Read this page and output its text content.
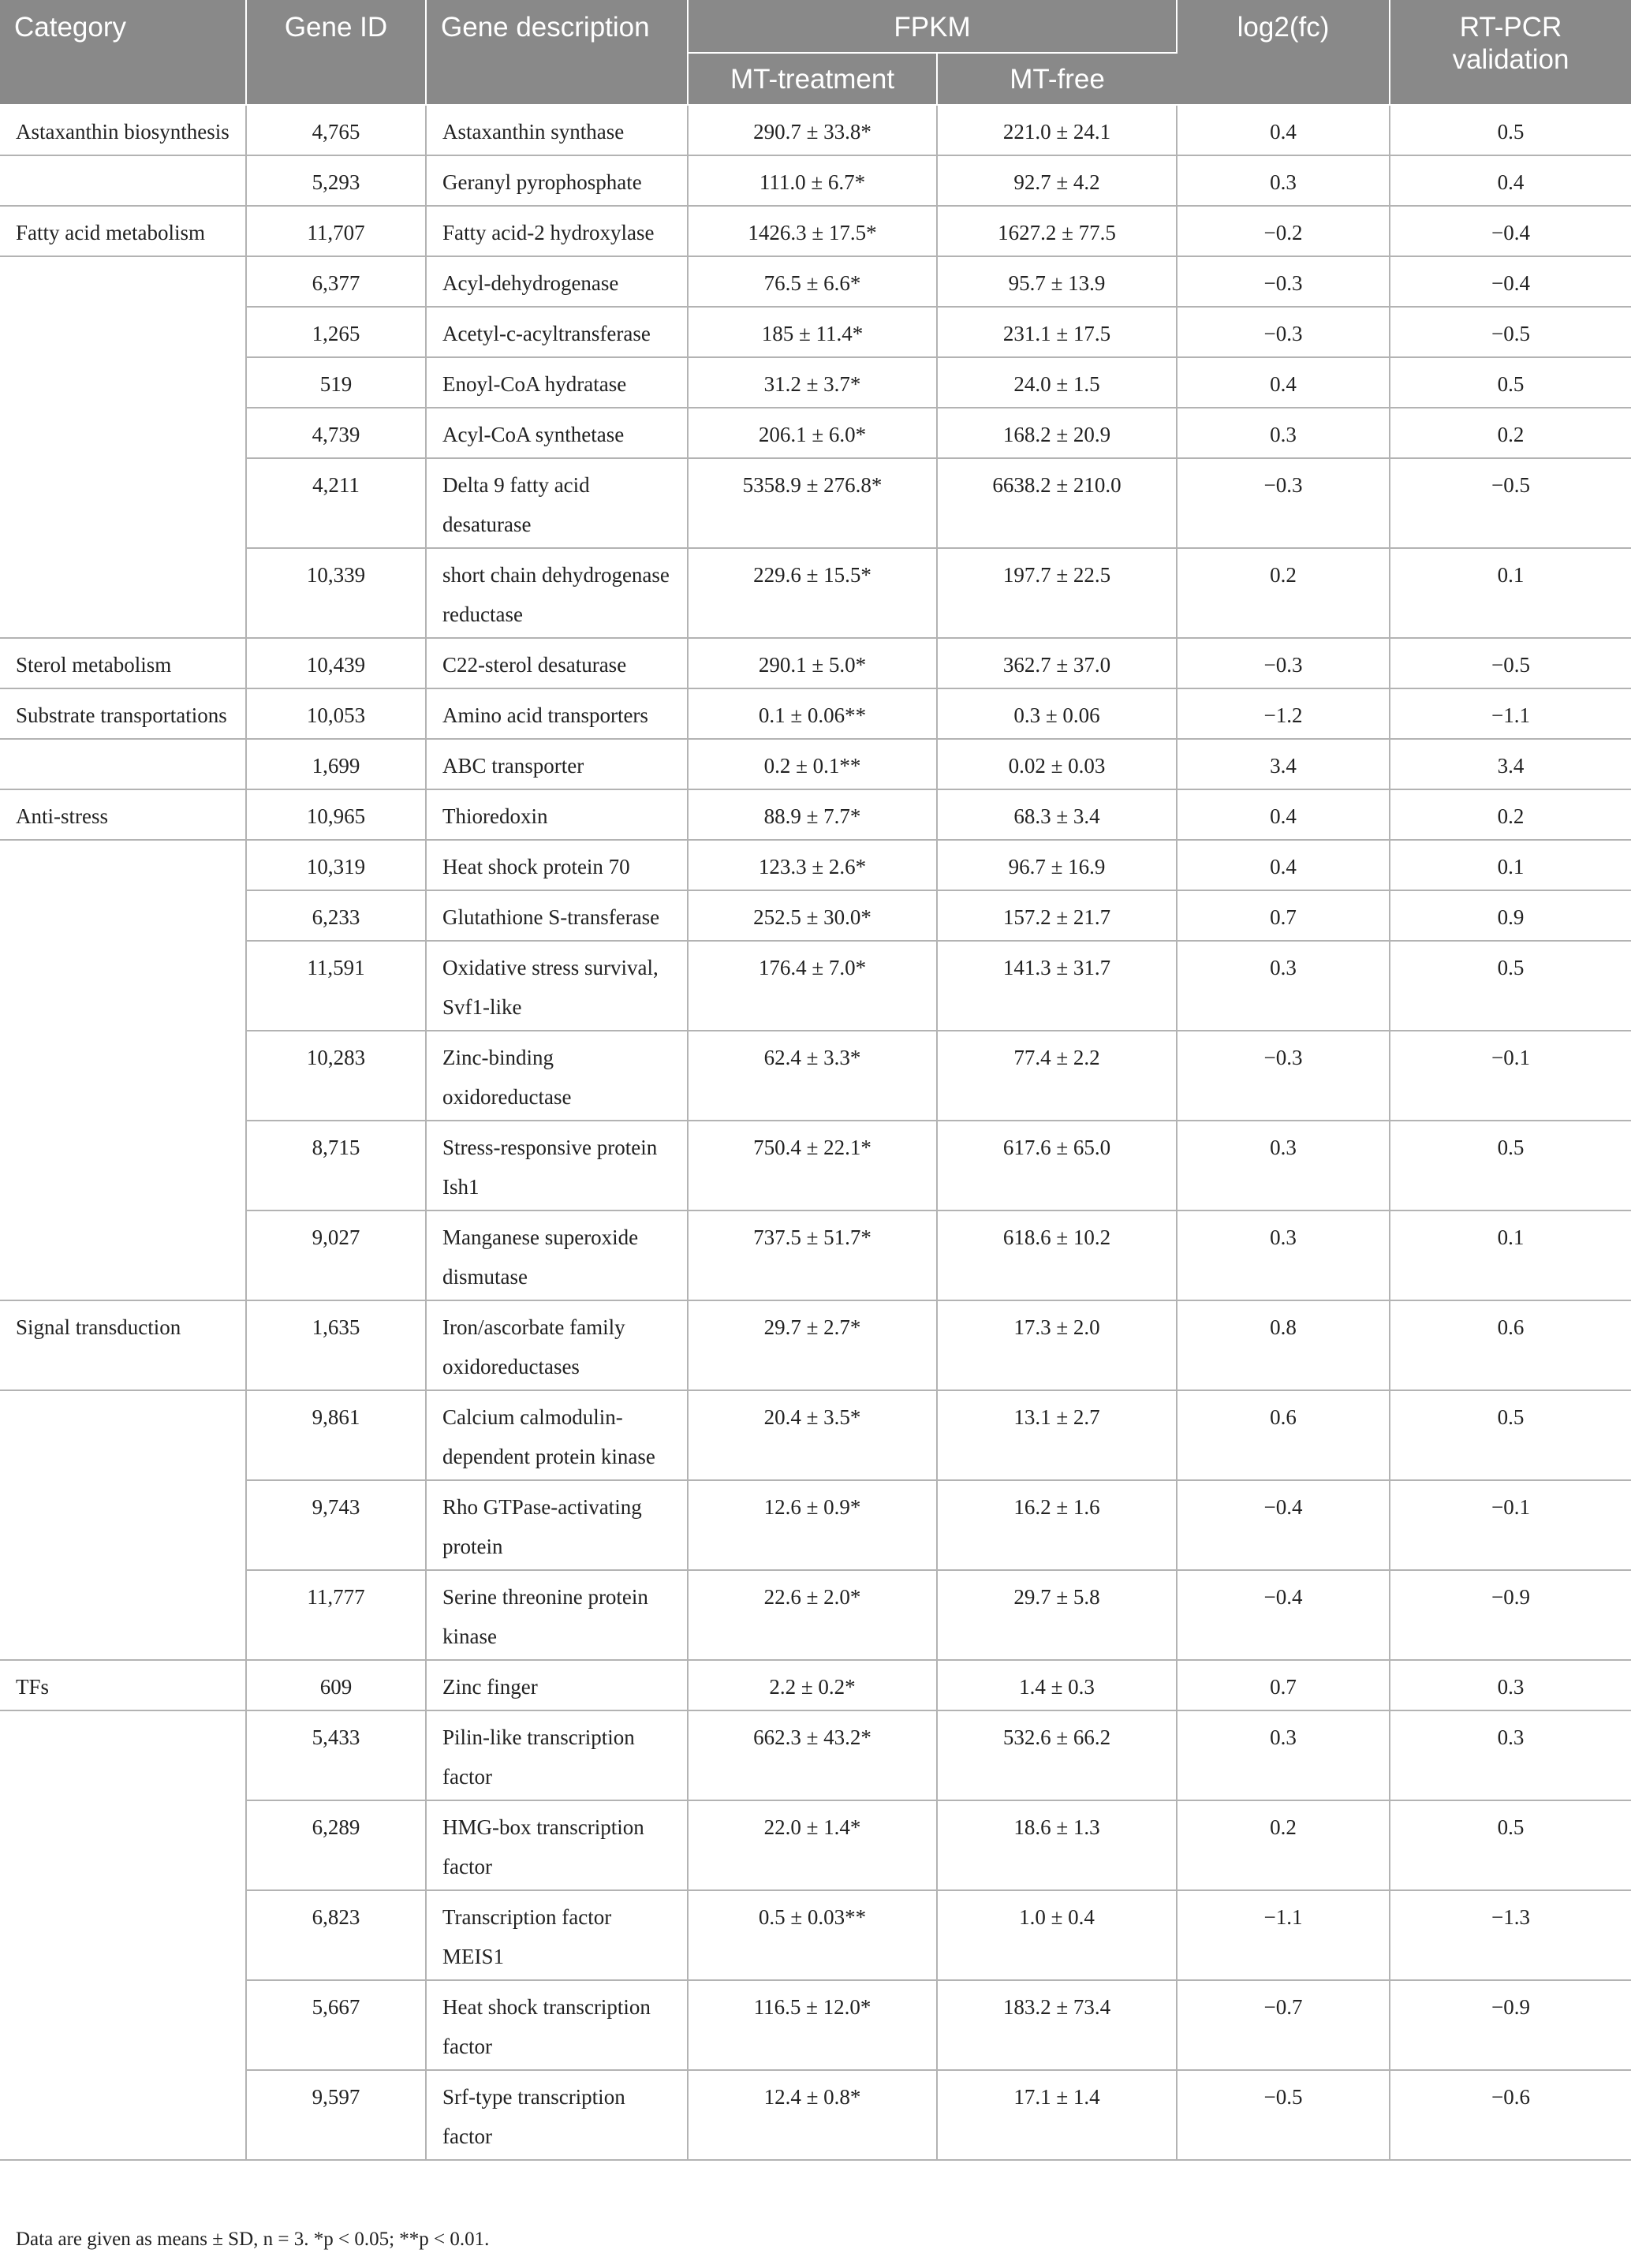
Category	Gene ID	Gene description	FPKM		log2(fc)	RT-PCR validation
			MT-treatment	MT-free		
Astaxanthin biosynthesis	4,765	Astaxanthin synthase	290.7 ± 33.8*	221.0 ± 24.1	0.4	0.5
	5,293	Geranyl pyrophosphate	111.0 ± 6.7*	92.7 ± 4.2	0.3	0.4
Fatty acid metabolism	11,707	Fatty acid-2 hydroxylase	1426.3 ± 17.5*	1627.2 ± 77.5	−0.2	−0.4
	6,377	Acyl-dehydrogenase	76.5 ± 6.6*	95.7 ± 13.9	−0.3	−0.4
	1,265	Acetyl-c-acyltransferase	185 ± 11.4*	231.1 ± 17.5	−0.3	−0.5
	519	Enoyl-CoA hydratase	31.2 ± 3.7*	24.0 ± 1.5	0.4	0.5
	4,739	Acyl-CoA synthetase	206.1 ± 6.0*	168.2 ± 20.9	0.3	0.2
	4,211	Delta 9 fatty acid desaturase	5358.9 ± 276.8*	6638.2 ± 210.0	−0.3	−0.5
	10,339	short chain dehydrogenase reductase	229.6 ± 15.5*	197.7 ± 22.5	0.2	0.1
Sterol metabolism	10,439	C22-sterol desaturase	290.1 ± 5.0*	362.7 ± 37.0	−0.3	−0.5
Substrate transportations	10,053	Amino acid transporters	0.1 ± 0.06**	0.3 ± 0.06	−1.2	−1.1
	1,699	ABC transporter	0.2 ± 0.1**	0.02 ± 0.03	3.4	3.4
Anti-stress	10,965	Thioredoxin	88.9 ± 7.7*	68.3 ± 3.4	0.4	0.2
	10,319	Heat shock protein 70	123.3 ± 2.6*	96.7 ± 16.9	0.4	0.1
	6,233	Glutathione S-transferase	252.5 ± 30.0*	157.2 ± 21.7	0.7	0.9
	11,591	Oxidative stress survival, Svf1-like	176.4 ± 7.0*	141.3 ± 31.7	0.3	0.5
	10,283	Zinc-binding oxidoreductase	62.4 ± 3.3*	77.4 ± 2.2	−0.3	−0.1
	8,715	Stress-responsive protein Ish1	750.4 ± 22.1*	617.6 ± 65.0	0.3	0.5
	9,027	Manganese superoxide dismutase	737.5 ± 51.7*	618.6 ± 10.2	0.3	0.1
Signal transduction	1,635	Iron/ascorbate family oxidoreductases	29.7 ± 2.7*	17.3 ± 2.0	0.8	0.6
	9,861	Calcium calmodulin-dependent protein kinase	20.4 ± 3.5*	13.1 ± 2.7	0.6	0.5
	9,743	Rho GTPase-activating protein	12.6 ± 0.9*	16.2 ± 1.6	−0.4	−0.1
	11,777	Serine threonine protein kinase	22.6 ± 2.0*	29.7 ± 5.8	−0.4	−0.9
TFs	609	Zinc finger	2.2 ± 0.2*	1.4 ± 0.3	0.7	0.3
	5,433	Pilin-like transcription factor	662.3 ± 43.2*	532.6 ± 66.2	0.3	0.3
	6,289	HMG-box transcription factor	22.0 ± 1.4*	18.6 ± 1.3	0.2	0.5
	6,823	Transcription factor MEIS1	0.5 ± 0.03**	1.0 ± 0.4	−1.1	−1.3
	5,667	Heat shock transcription factor	116.5 ± 12.0*	183.2 ± 73.4	−0.7	−0.9
	9,597	Srf-type transcription factor	12.4 ± 0.8*	17.1 ± 1.4	−0.5	−0.6
Data are given as means ± SD, n = 3. *p < 0.05; **p < 0.01.
